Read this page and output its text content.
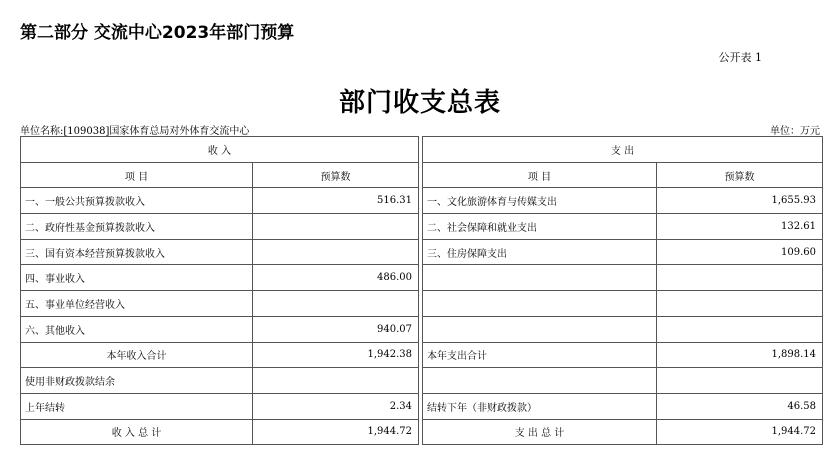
第二部分 交流中心2023年部门预算
公开表 1
部门收支总表
单位名称:[109038]国家体育总局对外体育交流中心	单位：万元
收 入			支 出	
项 目	预算数		项 目	预算数
一、一般公共预算拨款收入	516.31		一、文化旅游体育与传媒支出	1,655.93
二、政府性基金预算拨款收入			二、社会保障和就业支出	132.61
三、国有资本经营预算拨款收入			三、住房保障支出	109.60
四、事业收入	486.00			
五、事业单位经营收入				
六、其他收入	940.07			
本年收入合计	1,942.38		本年支出合计	1,898.14
使用非财政拨款结余				
上年结转	2.34		结转下年（非财政拨款）	46.58
收 入 总 计	1,944.72		支 出 总 计	1,944.72
